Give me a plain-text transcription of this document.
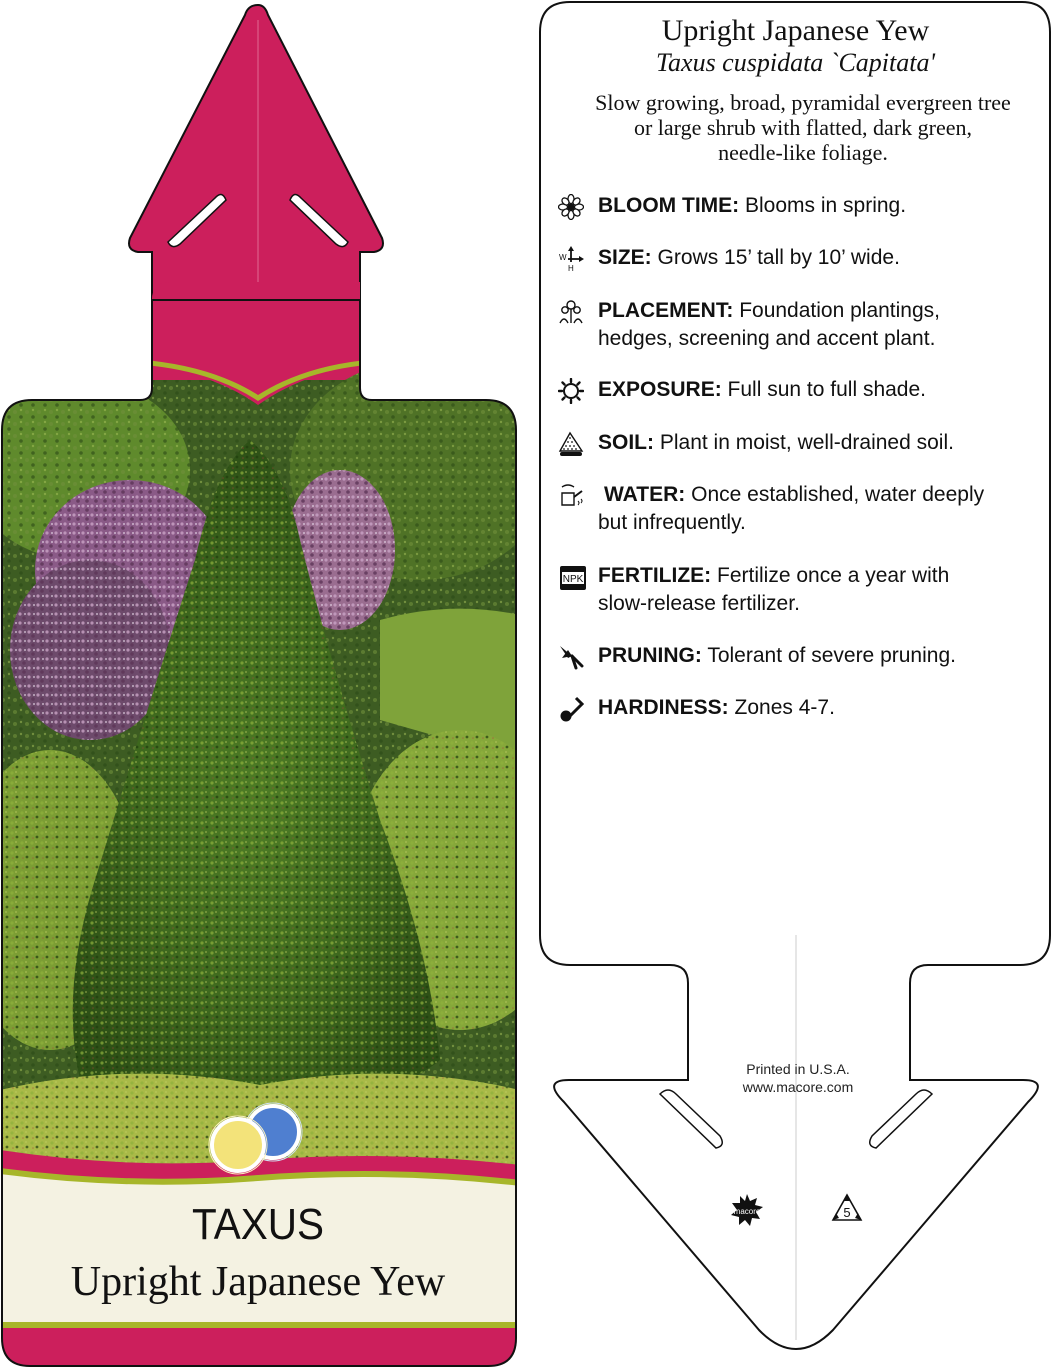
TAXUS
Upright Japanese Yew
Upright Japanese Yew
Taxus cuspidata `Capitata'
Slow growing, broad, pyramidal evergreen tree
or large shrub with flatted, dark green,
needle-like foliage.
BLOOM TIME: Blooms in spring.
W
H SIZE: Grows 15’ tall by 10’ wide.
PLACEMENT: Foundation plantings,
hedges, screening and accent plant.
EXPOSURE: Full sun to full shade.
SOIL: Plant in moist, well-drained soil.
WATER: Once established, water deeply
but infrequently.
NPK FERTILIZE: Fertilize once a year with
slow-release fertilizer.
PRUNING: Tolerant of severe pruning.
HARDINESS: Zones 4-7.
Printed in U.S.A.
www.macore.com
macore	5
